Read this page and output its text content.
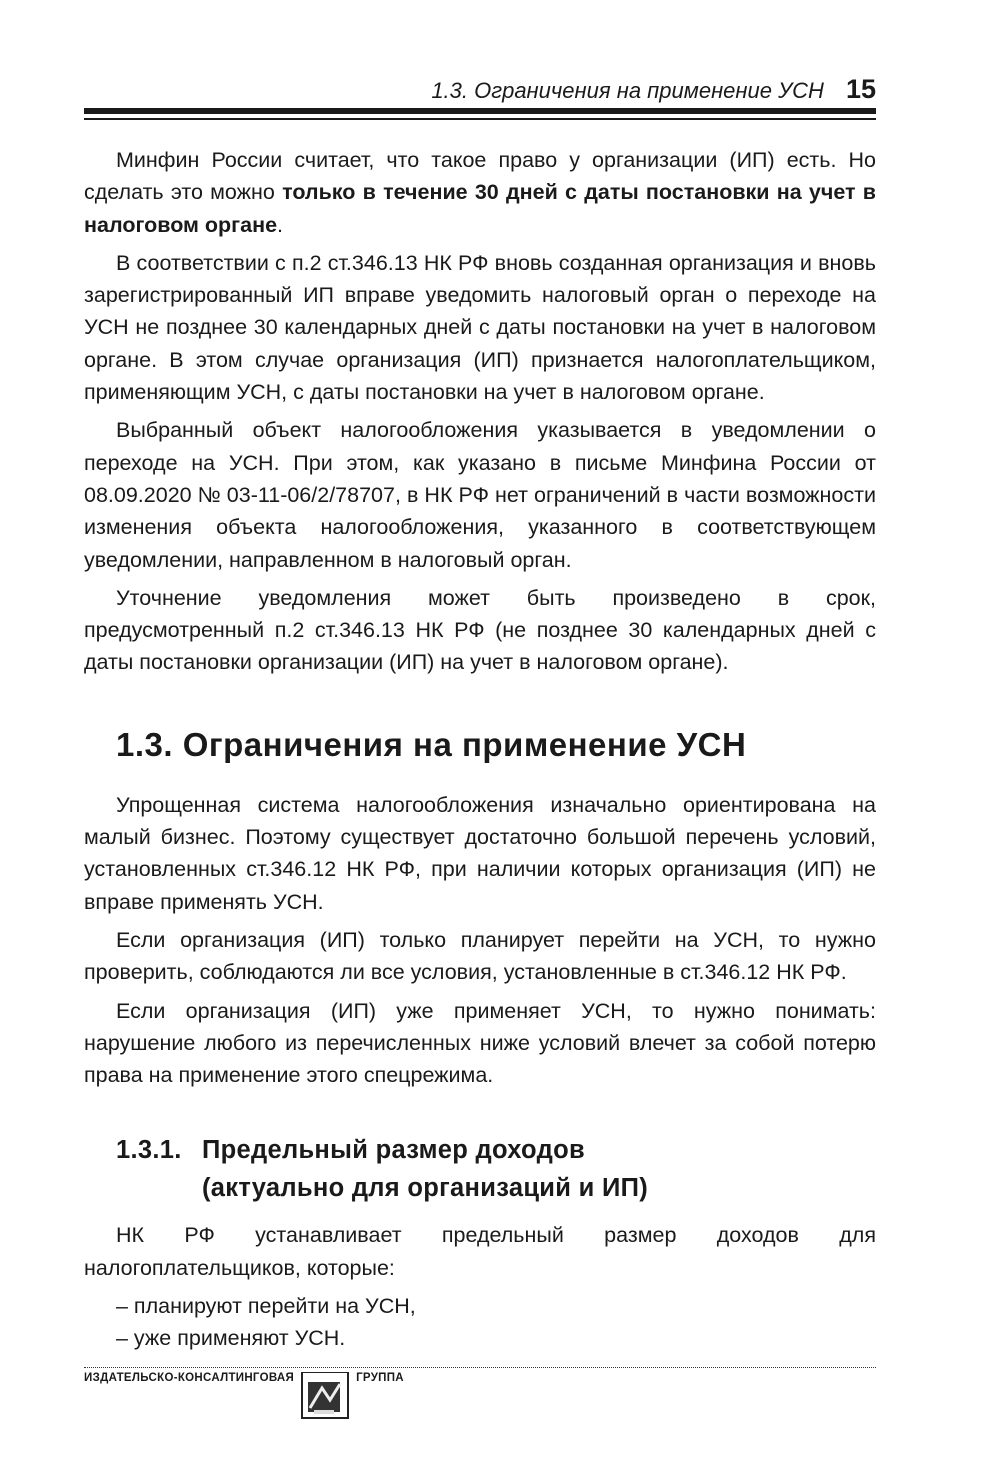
1.3. Ограничения на применение УСН 15

Минфин России считает, что такое право у организации (ИП) есть. Но сделать это можно только в течение 30 дней с даты постановки на учет в налоговом органе.

В соответствии с п.2 ст.346.13 НК РФ вновь созданная организация и вновь зарегистрированный ИП вправе уведомить налоговый орган о переходе на УСН не позднее 30 календарных дней с даты постановки на учет в налоговом органе. В этом случае организация (ИП) признается налогоплательщиком, применяющим УСН, с даты постановки на учет в налоговом органе.

Выбранный объект налогообложения указывается в уведомлении о переходе на УСН. При этом, как указано в письме Минфина России от 08.09.2020 № 03-11-06/2/78707, в НК РФ нет ограничений в части возможности изменения объекта налогообложения, указанного в соответствующем уведомлении, направленном в налоговый орган.

Уточнение уведомления может быть произведено в срок, предусмотренный п.2 ст.346.13 НК РФ (не позднее 30 календарных дней с даты постановки организации (ИП) на учет в налоговом органе).

1.3. Ограничения на применение УСН

Упрощенная система налогообложения изначально ориентирована на малый бизнес. Поэтому существует достаточно большой перечень условий, установленных ст.346.12 НК РФ, при наличии которых организация (ИП) не вправе применять УСН.

Если организация (ИП) только планирует перейти на УСН, то нужно проверить, соблюдаются ли все условия, установленные в ст.346.12 НК РФ.

Если организация (ИП) уже применяет УСН, то нужно понимать: нарушение любого из перечисленных ниже условий влечет за собой потерю права на применение этого спецрежима.

1.3.1. Предельный размер доходов
(актуально для организаций и ИП)

НК РФ устанавливает предельный размер доходов для налогоплательщиков, которые:

– планируют перейти на УСН,
– уже применяют УСН.
ИЗДАТЕЛЬСКО-КОНСАЛТИНГОВАЯ	ГРУППА
